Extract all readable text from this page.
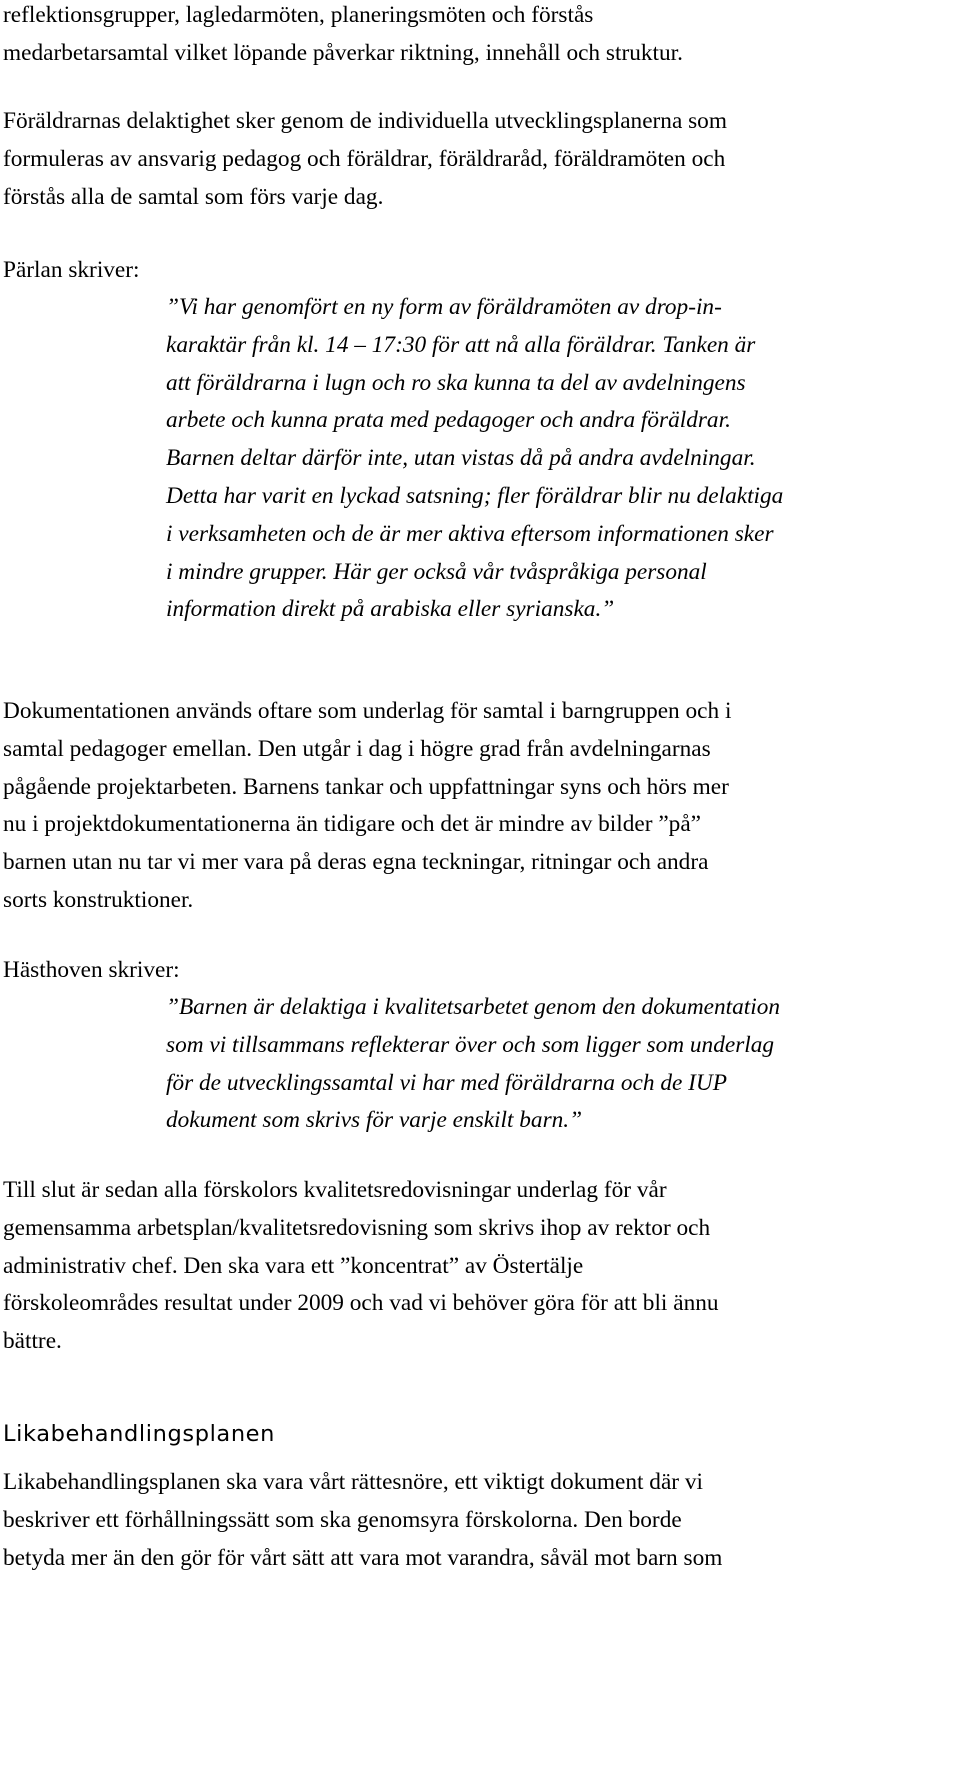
reflektionsgrupper, lagledarmöten, planeringsmöten och förstås
medarbetarsamtal vilket löpande påverkar riktning, innehåll och struktur.

Föräldrarnas delaktighet sker genom de individuella utvecklingsplanerna som
formuleras av ansvarig pedagog och föräldrar, föräldraråd, föräldramöten och
förstås alla de samtal som förs varje dag.

Pärlan skriver:

”Vi har genomfört en ny form av föräldramöten av drop-in-
karaktär från kl. 14 – 17:30 för att nå alla föräldrar. Tanken är
att föräldrarna i lugn och ro ska kunna ta del av avdelningens
arbete och kunna prata med pedagoger och andra föräldrar.
Barnen deltar därför inte, utan vistas då på andra avdelningar.
Detta har varit en lyckad satsning; fler föräldrar blir nu delaktiga
i verksamheten och de är mer aktiva eftersom informationen sker
i mindre grupper. Här ger också vår tvåspråkiga personal
information direkt på arabiska eller syrianska.”

Dokumentationen används oftare som underlag för samtal i barngruppen och i
samtal pedagoger emellan. Den utgår i dag i högre grad från avdelningarnas
pågående projektarbeten. Barnens tankar och uppfattningar syns och hörs mer
nu i projektdokumentationerna än tidigare och det är mindre av bilder ”på”
barnen utan nu tar vi mer vara på deras egna teckningar, ritningar och andra
sorts konstruktioner.

Hästhoven skriver:

”Barnen är delaktiga i kvalitetsarbetet genom den dokumentation
som vi tillsammans reflekterar över och som ligger som underlag
för de utvecklingssamtal vi har med föräldrarna och de IUP
dokument som skrivs för varje enskilt barn.”

Till slut är sedan alla förskolors kvalitetsredovisningar underlag för vår
gemensamma arbetsplan/kvalitetsredovisning som skrivs ihop av rektor och
administrativ chef. Den ska vara ett ”koncentrat” av Östertälje
förskoleområdes resultat under 2009 och vad vi behöver göra för att bli ännu
bättre.

Likabehandlingsplanen

Likabehandlingsplanen ska vara vårt rättesnöre, ett viktigt dokument där vi
beskriver ett förhållningssätt som ska genomsyra förskolorna. Den borde
betyda mer än den gör för vårt sätt att vara mot varandra, såväl mot barn som
